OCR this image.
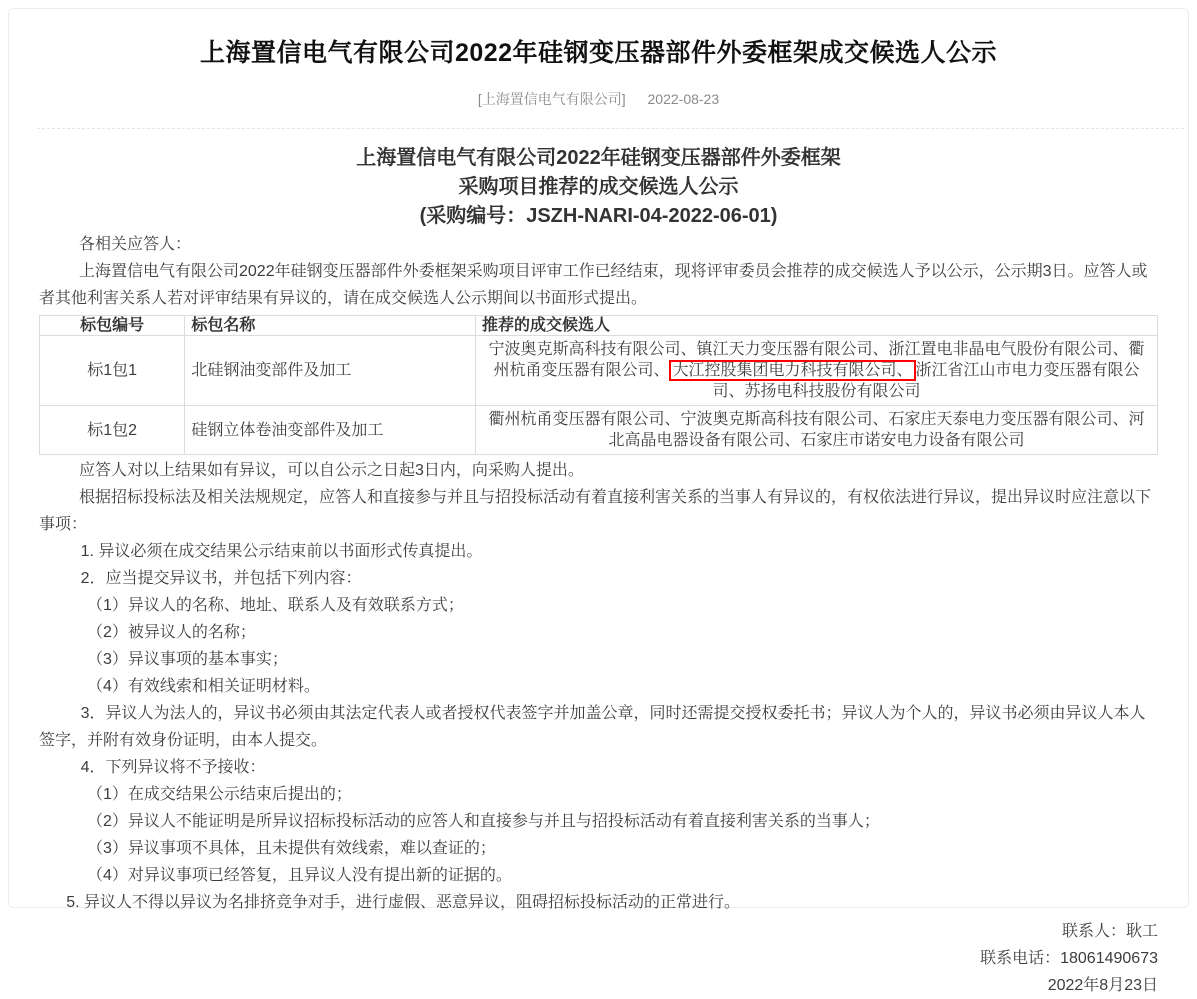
上海置信电气有限公司2022年硅钢变压器部件外委框架成交候选人公示
[上海置信电气有限公司] 2022-08-23
上海置信电气有限公司2022年硅钢变压器部件外委框架
采购项目推荐的成交候选人公示
(采购编号：JSZH-NARI-04-2022-06-01)

各相关应答人：

上海置信电气有限公司2022年硅钢变压器部件外委框架采购项目评审工作已经结束，现将评审委员会推荐的成交候选人予以公示，公示期3日。应答人或者其他利害关系人若对评审结果有异议的，请在成交候选人公示期间以书面形式提出。

标包编号	标包名称	推荐的成交候选人
标1包1	北硅钢油变部件及加工	宁波奥克斯高科技有限公司、镇江天力变压器有限公司、浙江置电非晶电气股份有限公司、衢州杭甬变压器有限公司、 大江控股集团电力科技有限公司、 浙江省江山市电力变压器有限公司、苏扬电科技股份有限公司
标1包2	硅钢立体卷油变部件及加工	衢州杭甬变压器有限公司、宁波奥克斯高科技有限公司、石家庄天泰电力变压器有限公司、河北高晶电器设备有限公司、石家庄市诺安电力设备有限公司

应答人对以上结果如有异议，可以自公示之日起3日内，向采购人提出。

根据招标投标法及相关法规规定，应答人和直接参与并且与招投标活动有着直接利害关系的当事人有异议的，有权依法进行异议，提出异议时应注意以下事项：

1. 异议必须在成交结果公示结束前以书面形式传真提出。

2．应当提交异议书，并包括下列内容：

（1）异议人的名称、地址、联系人及有效联系方式；

（2）被异议人的名称；

（3）异议事项的基本事实；

（4）有效线索和相关证明材料。

3．异议人为法人的，异议书必须由其法定代表人或者授权代表签字并加盖公章，同时还需提交授权委托书；异议人为个人的，异议书必须由异议人本人签字，并附有效身份证明，由本人提交。

4．下列异议将不予接收：

（1）在成交结果公示结束后提出的；

（2）异议人不能证明是所异议招标投标活动的应答人和直接参与并且与招投标活动有着直接利害关系的当事人；

（3）异议事项不具体，且未提供有效线索，难以查证的；

（4）对异议事项已经答复，且异议人没有提出新的证据的。

5. 异议人不得以异议为名排挤竞争对手，进行虚假、恶意异议，阻碍招标投标活动的正常进行。

联系人：耿工
联系电话：18061490673
2022年8月23日
